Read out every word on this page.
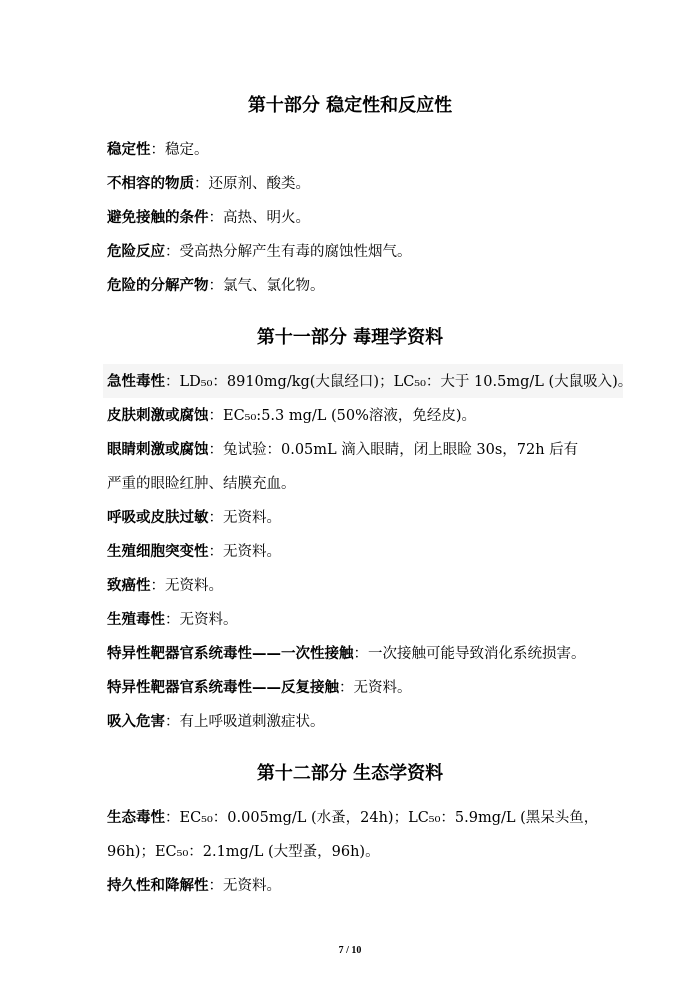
第十部分 稳定性和反应性
稳定性：稳定。
不相容的物质：还原剂、酸类。
避免接触的条件：高热、明火。
危险反应：受高热分解产生有毒的腐蚀性烟气。
危险的分解产物：氯气、氯化物。
第十一部分 毒理学资料
急性毒性：LD₅₀：8910mg/kg(大鼠经口)；LC₅₀：大于 10.5mg/L (大鼠吸入)。
皮肤刺激或腐蚀：EC₅₀:5.3 mg/L (50%溶液，免经皮)。
眼睛刺激或腐蚀：兔试验：0.05mL 滴入眼睛，闭上眼睑 30s，72h 后有
严重的眼睑红肿、结膜充血。
呼吸或皮肤过敏：无资料。
生殖细胞突变性：无资料。
致癌性：无资料。
生殖毒性：无资料。
特异性靶器官系统毒性——一次性接触：一次接触可能导致消化系统损害。
特异性靶器官系统毒性——反复接触：无资料。
吸入危害：有上呼吸道刺激症状。
第十二部分 生态学资料
生态毒性：EC₅₀：0.005mg/L (水蚤，24h)；LC₅₀：5.9mg/L (黑呆头鱼，
96h)；EC₅₀：2.1mg/L (大型蚤，96h)。
持久性和降解性：无资料。
7 / 10
